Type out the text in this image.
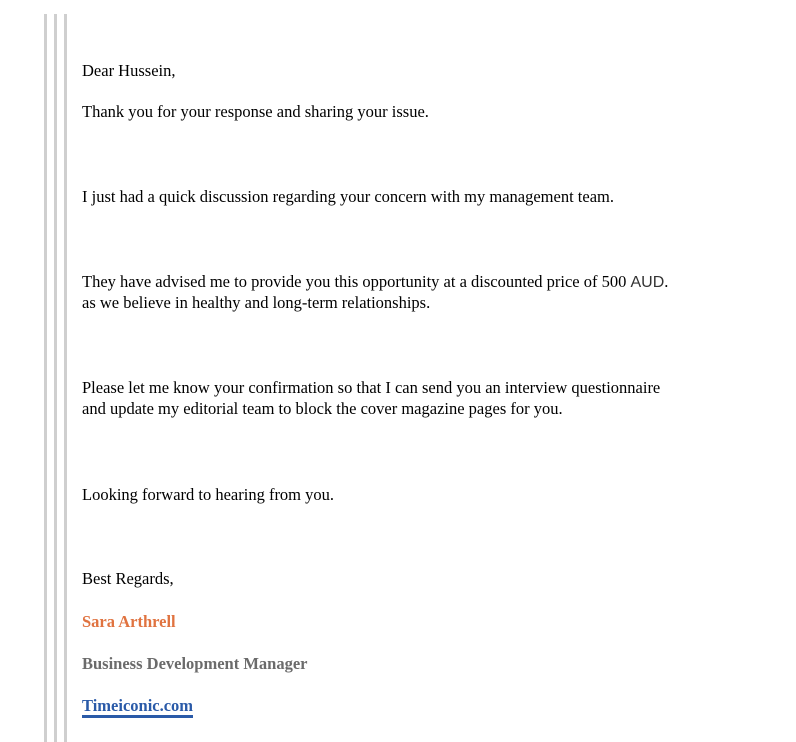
Dear Hussein,
Thank you for your response and sharing your issue.
I just had a quick discussion regarding your concern with my management team.
They have advised me to provide you this opportunity at a discounted price of 500 AUD.
as we believe in healthy and long-term relationships.
Please let me know your confirmation so that I can send you an interview questionnaire
and update my editorial team to block the cover magazine pages for you.
Looking forward to hearing from you.
Best Regards,
Sara Arthrell
Business Development Manager
Timeiconic.com
